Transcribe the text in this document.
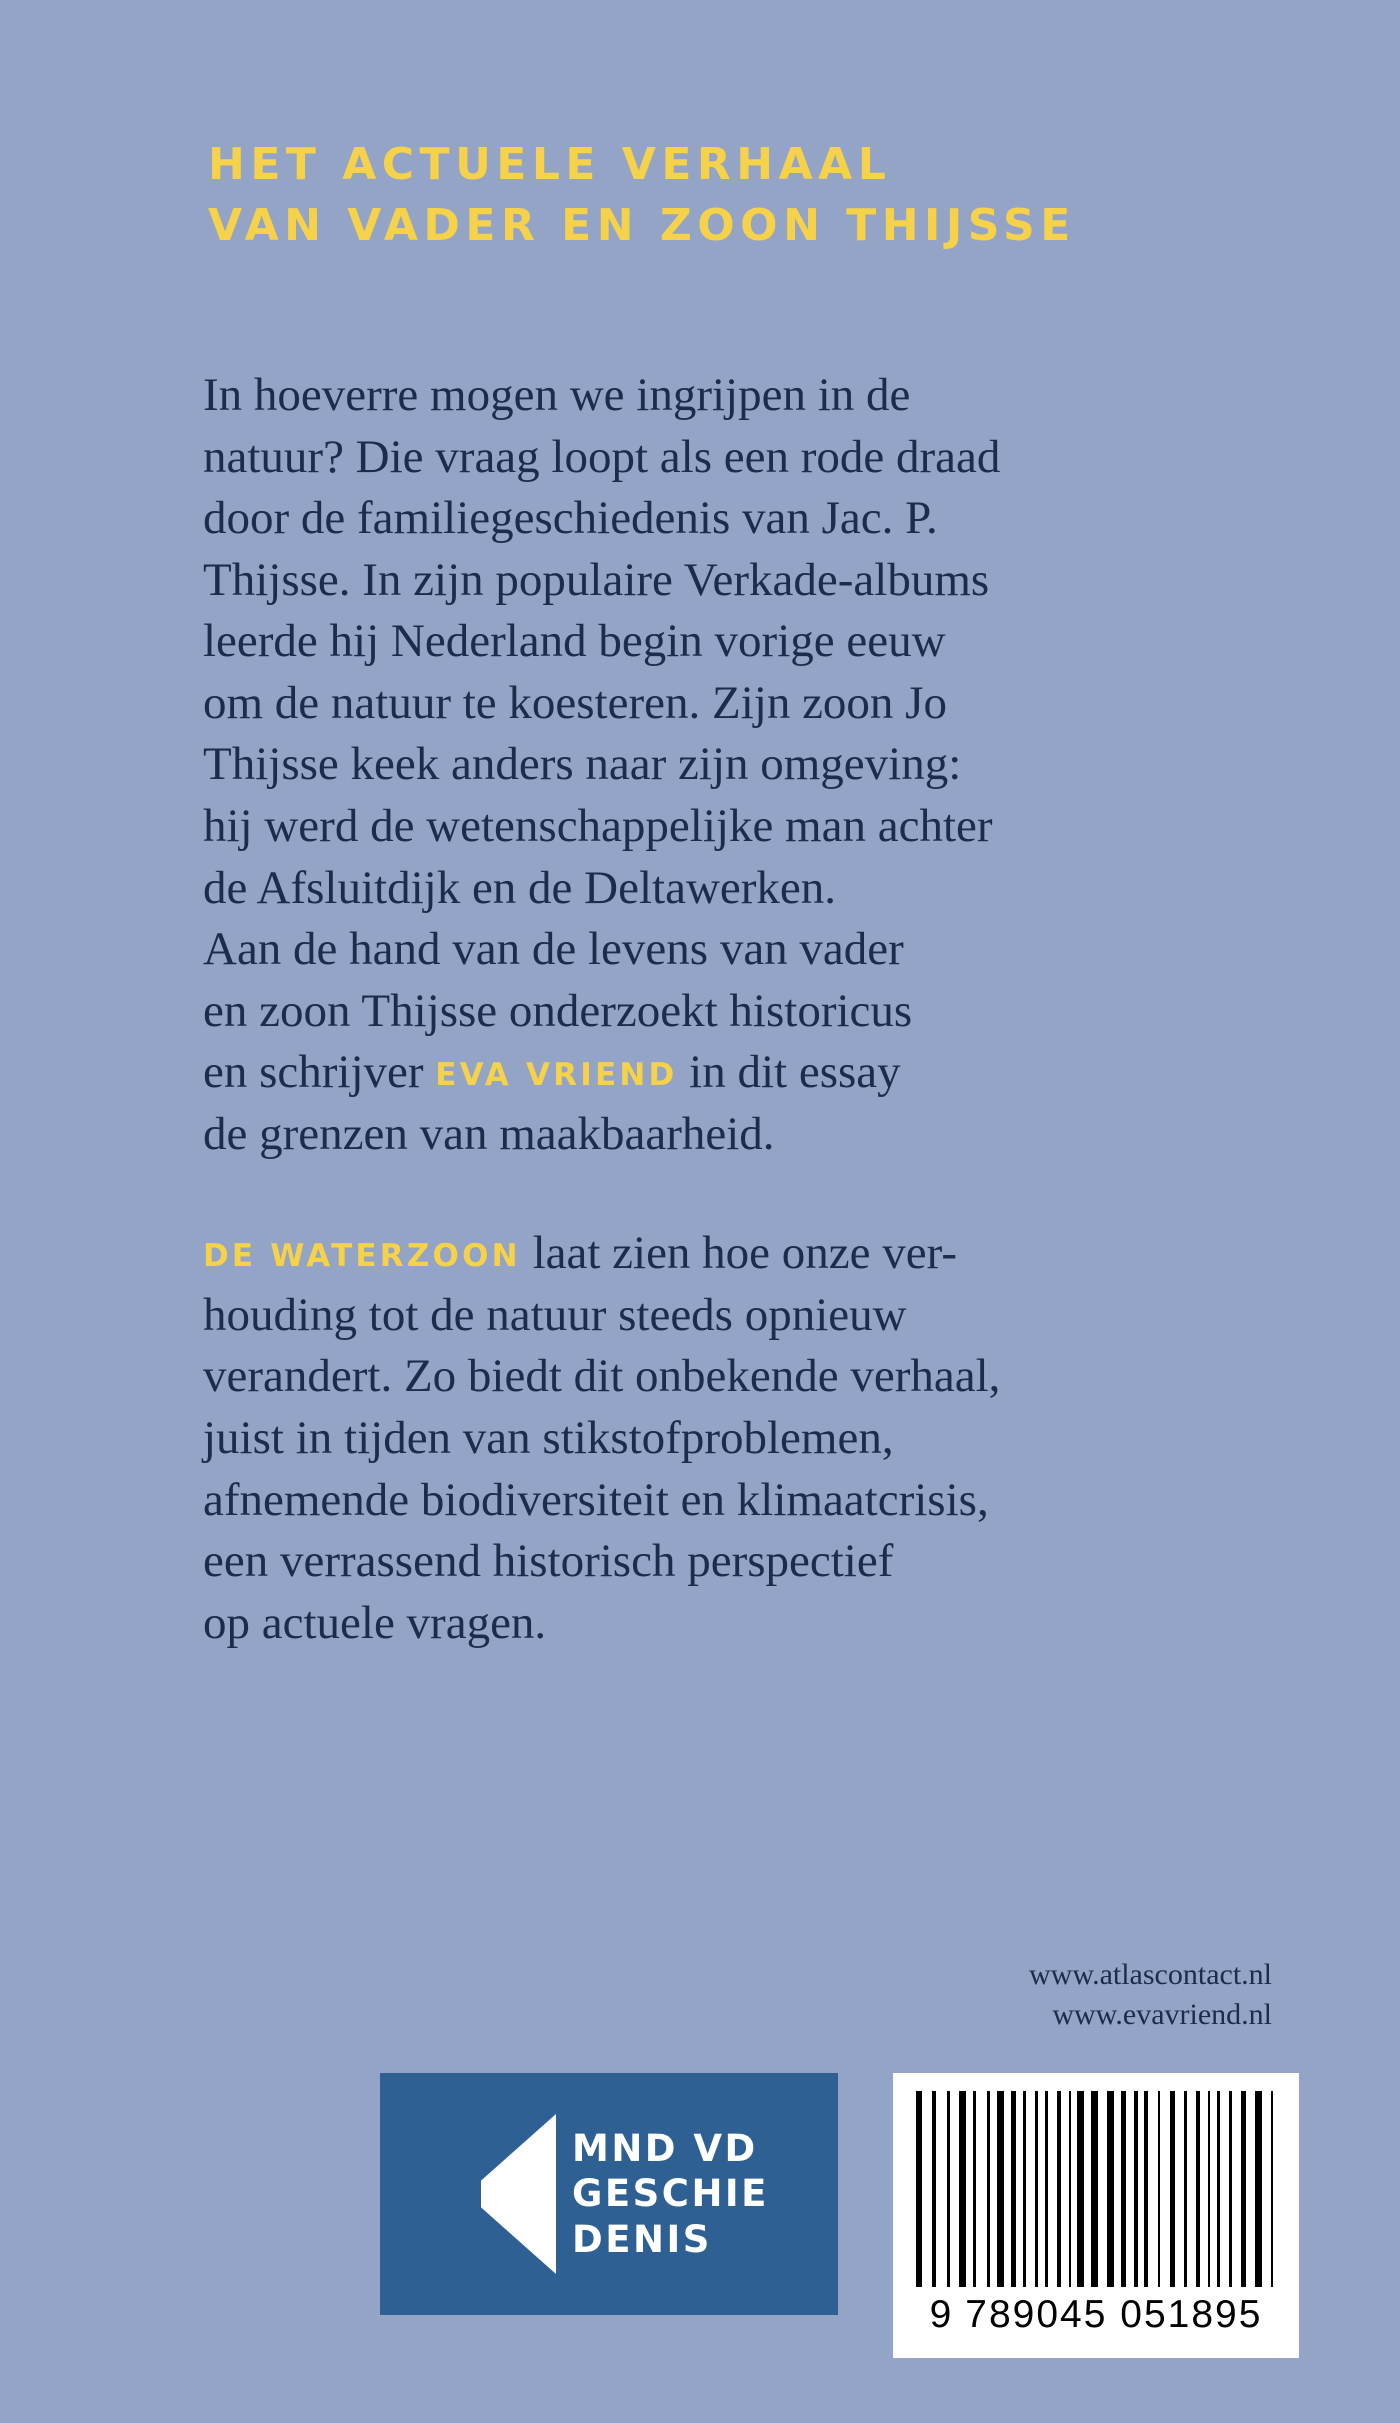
HET ACTUELE VERHAAL
VAN VADER EN ZOON THIJSSE

In hoeverre mogen we ingrijpen in de
natuur? Die vraag loopt als een rode draad
door de familiegeschiedenis van Jac. P.
Thijsse. In zijn populaire Verkade-albums
leerde hij Nederland begin vorige eeuw
om de natuur te koesteren. Zijn zoon Jo
Thijsse keek anders naar zijn omgeving:
hij werd de wetenschappelijke man achter
de Afsluitdijk en de Deltawerken.
Aan de hand van de levens van vader
en zoon Thijsse onderzoekt historicus
en schrijver EVA VRIEND in dit essay
de grenzen van maakbaarheid.

DE WATERZOON laat zien hoe onze ver-
houding tot de natuur steeds opnieuw
verandert. Zo biedt dit onbekende verhaal,
juist in tijden van stikstofproblemen,
afnemende biodiversiteit en klimaatcrisis,
een verrassend historisch perspectief
op actuele vragen.

www.atlascontact.nl
www.evavriend.nl
MND VD
GESCHIE
DENIS
9 789045 051895
